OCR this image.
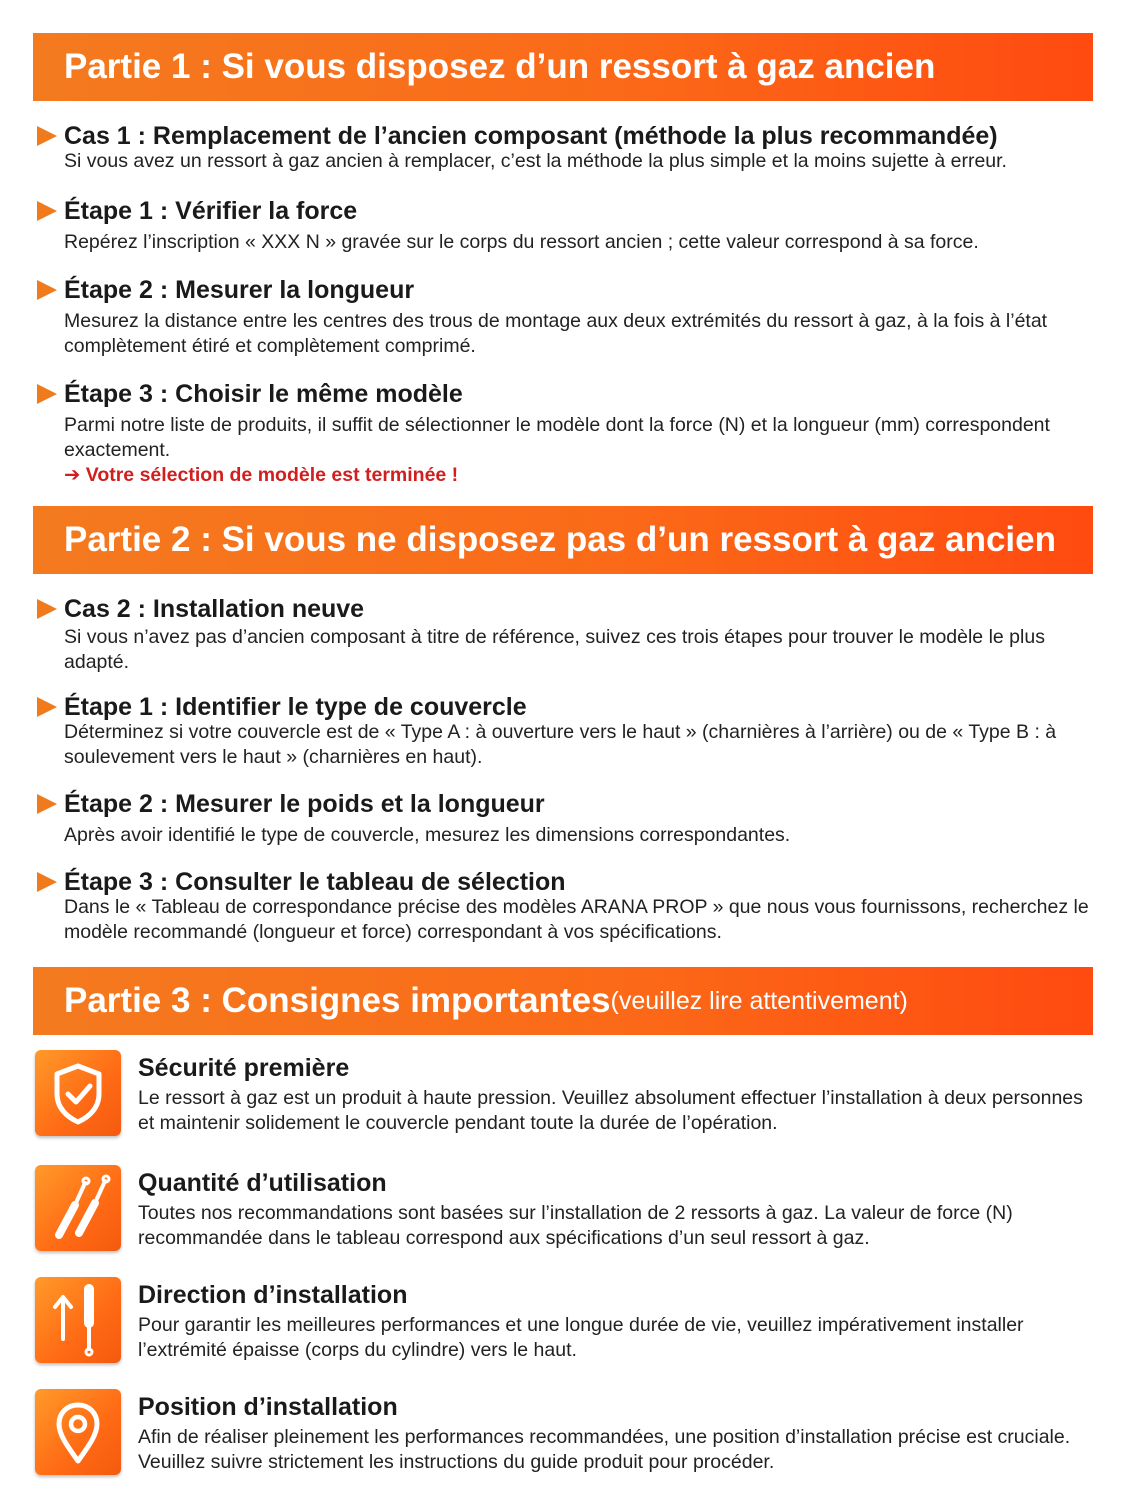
Partie 1 : Si vous disposez d’un ressort à gaz ancien
Cas 1 : Remplacement de l’ancien composant (méthode la plus recommandée)
Si vous avez un ressort à gaz ancien à remplacer, c’est la méthode la plus simple et la moins sujette à erreur.
Étape 1 : Vérifier la force
Repérez l’inscription « XXX N » gravée sur le corps du ressort ancien ; cette valeur correspond à sa force.
Étape 2 : Mesurer la longueur
Mesurez la distance entre les centres des trous de montage aux deux extrémités du ressort à gaz, à la fois à l’état complètement étiré et complètement comprimé.
Étape 3 : Choisir le même modèle
Parmi notre liste de produits, il suffit de sélectionner le modèle dont la force (N) et la longueur (mm) correspondent exactement.
➔ Votre sélection de modèle est terminée !
Partie 2 : Si vous ne disposez pas d’un ressort à gaz ancien
Cas 2 : Installation neuve
Si vous n’avez pas d’ancien composant à titre de référence, suivez ces trois étapes pour trouver le modèle le plus adapté.
Étape 1 : Identifier le type de couvercle
Déterminez si votre couvercle est de « Type A : à ouverture vers le haut » (charnières à l’arrière) ou de « Type B : à soulevement vers le haut » (charnières en haut).
Étape 2 : Mesurer le poids et la longueur
Après avoir identifié le type de couvercle, mesurez les dimensions correspondantes.
Étape 3 : Consulter le tableau de sélection
Dans le « Tableau de correspondance précise des modèles ARANA PROP » que nous vous fournissons, recherchez le modèle recommandé (longueur et force) correspondant à vos spécifications.
Partie 3 : Consignes importantes (veuillez lire attentivement)
Sécurité première
Le ressort à gaz est un produit à haute pression. Veuillez absolument effectuer l’installation à deux personnes et maintenir solidement le couvercle pendant toute la durée de l’opération.
Quantité d’utilisation
Toutes nos recommandations sont basées sur l’installation de 2 ressorts à gaz. La valeur de force (N) recommandée dans le tableau correspond aux spécifications d’un seul ressort à gaz.
Direction d’installation
Pour garantir les meilleures performances et une longue durée de vie, veuillez impérativement installer l’extrémité épaisse (corps du cylindre) vers le haut.
Position d’installation
Afin de réaliser pleinement les performances recommandées, une position d’installation précise est cruciale. Veuillez suivre strictement les instructions du guide produit pour procéder.
